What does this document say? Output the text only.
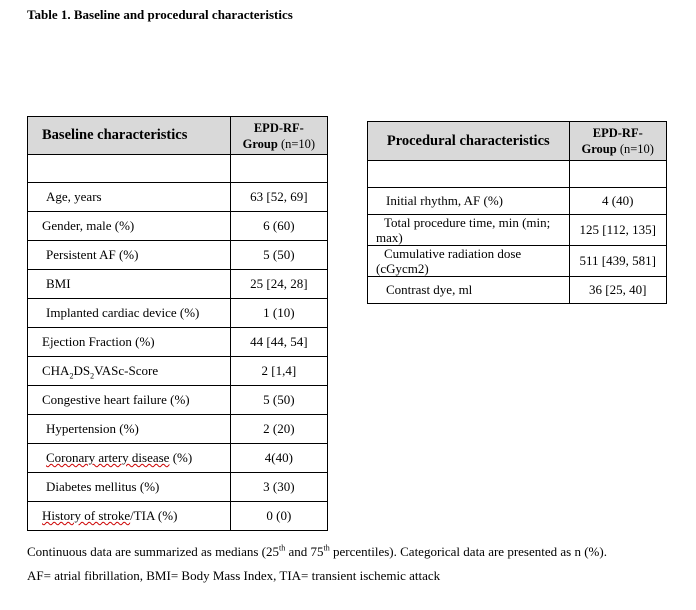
Table 1. Baseline and procedural characteristics
Baseline characteristics	EPD-RF-
Group (n=10)

Age, years	63 [52, 69]
Gender, male (%)	6 (60)
Persistent AF (%)	5 (50)
BMI	25 [24, 28]
Implanted cardiac device (%)	1 (10)
Ejection Fraction (%)	44 [44, 54]
$CHA_2DS_2VASc$-Score	2 [1,4]
Congestive heart failure (%)	5 (50)
Hypertension (%)	2 (20)
Coronary artery disease (%)	4(40)
Diabetes mellitus (%)	3 (30)
History of stroke/TIA (%)	0 (0)
Procedural characteristics	EPD-RF-
Group (n=10)

Initial rhythm, AF (%)	4 (40)
Total procedure time, min (min; max)	125 [112, 135]
Cumulative radiation dose (cGycm2)	511 [439, 581]
Contrast dye, ml	36 [25, 40]
Continuous data are summarized as medians (25th and 75th percentiles). Categorical data are presented as n (%).
AF= atrial fibrillation, BMI= Body Mass Index, TIA= transient ischemic attack
